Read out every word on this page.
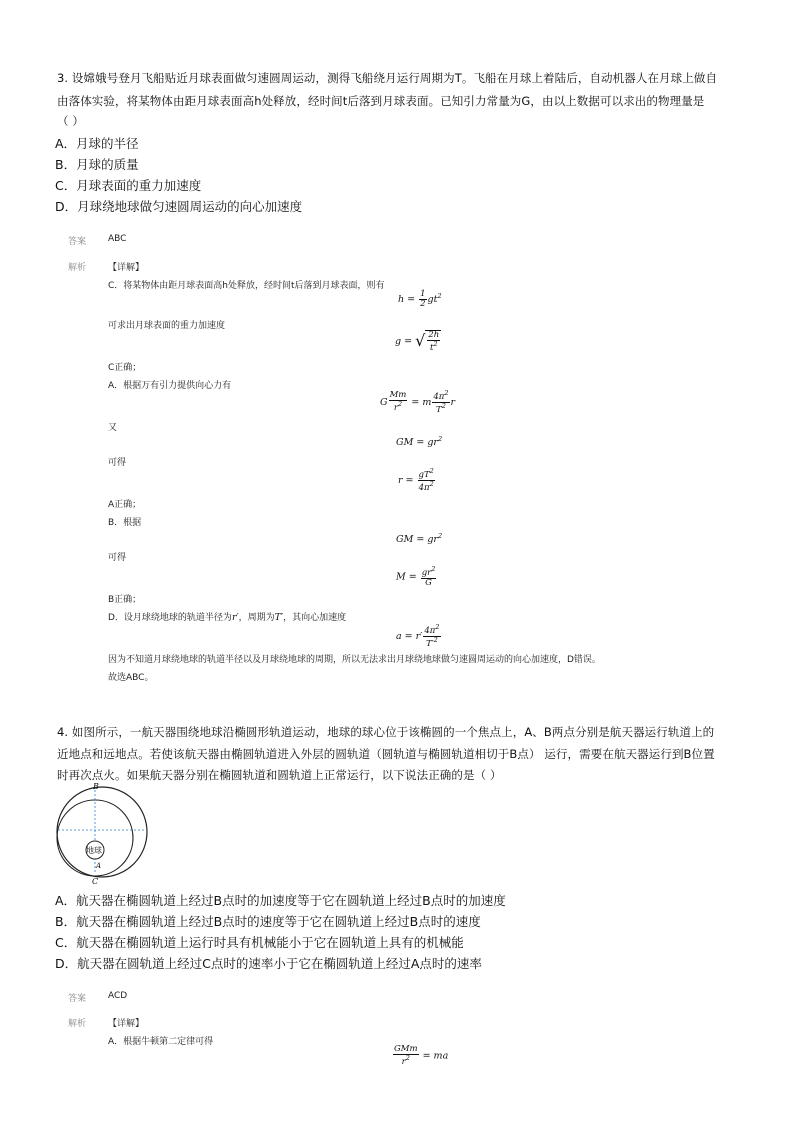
3. 设嫦娥号登月飞船贴近月球表面做匀速圆周运动，测得飞船绕月运行周期为T。飞船在月球上着陆后，自动机器人在月球上做自
由落体实验，将某物体由距月球表面高h处释放，经时间t后落到月球表面。已知引力常量为G，由以上数据可以求出的物理量是
（ ）
A．月球的半径
B．月球的质量
C．月球表面的重力加速度
D．月球绕地球做匀速圆周运动的向心加速度
答案 ABC
解析 【详解】
C．将某物体由距月球表面高h处释放，经时间t后落到月球表面，则有
$h = \frac{1}{2} gt^2$
可求出月球表面的重力加速度
g = √ $\frac{2h}{t^2}$
C正确；
A．根据万有引力提供向心力有
G $\frac{Mm}{r^2} = m \frac{4\pi^2}{T^2}$ r
又
GM = $gr^2$
可得
$r = \frac{gT^2}{4\pi^2}$
A正确；
B．根据
GM = $gr^2$
可得
$M = \frac{gr^2}{G}$
B正确；
D．设月球绕地球的轨道半径为r′，周期为T′，其向心加速度
$a = r' \frac{4\pi^2}{T'^2}$
因为不知道月球绕地球的轨道半径以及月球绕地球的周期，所以无法求出月球绕地球做匀速圆周运动的向心加速度，D错误。
故选ABC。
4. 如图所示，一航天器围绕地球沿椭圆形轨道运动，地球的球心位于该椭圆的一个焦点上，A、B两点分别是航天器运行轨道上的
近地点和远地点。若使该航天器由椭圆轨道进入外层的圆轨道（圆轨道与椭圆轨道相切于B点） 运行，需要在航天器运行到B位置
时再次点火。如果航天器分别在椭圆轨道和圆轨道上正常运行，以下说法正确的是（ ）
地球
B
A
C
A．航天器在椭圆轨道上经过B点时的加速度等于它在圆轨道上经过B点时的加速度
B．航天器在椭圆轨道上经过B点时的速度等于它在圆轨道上经过B点时的速度
C．航天器在椭圆轨道上运行时具有机械能小于它在圆轨道上具有的机械能
D．航天器在圆轨道上经过C点时的速率小于它在椭圆轨道上经过A点时的速率
答案 ACD
解析 【详解】
A．根据牛顿第二定律可得
$\frac{\text{GMm}}{r^2}$ = ma
